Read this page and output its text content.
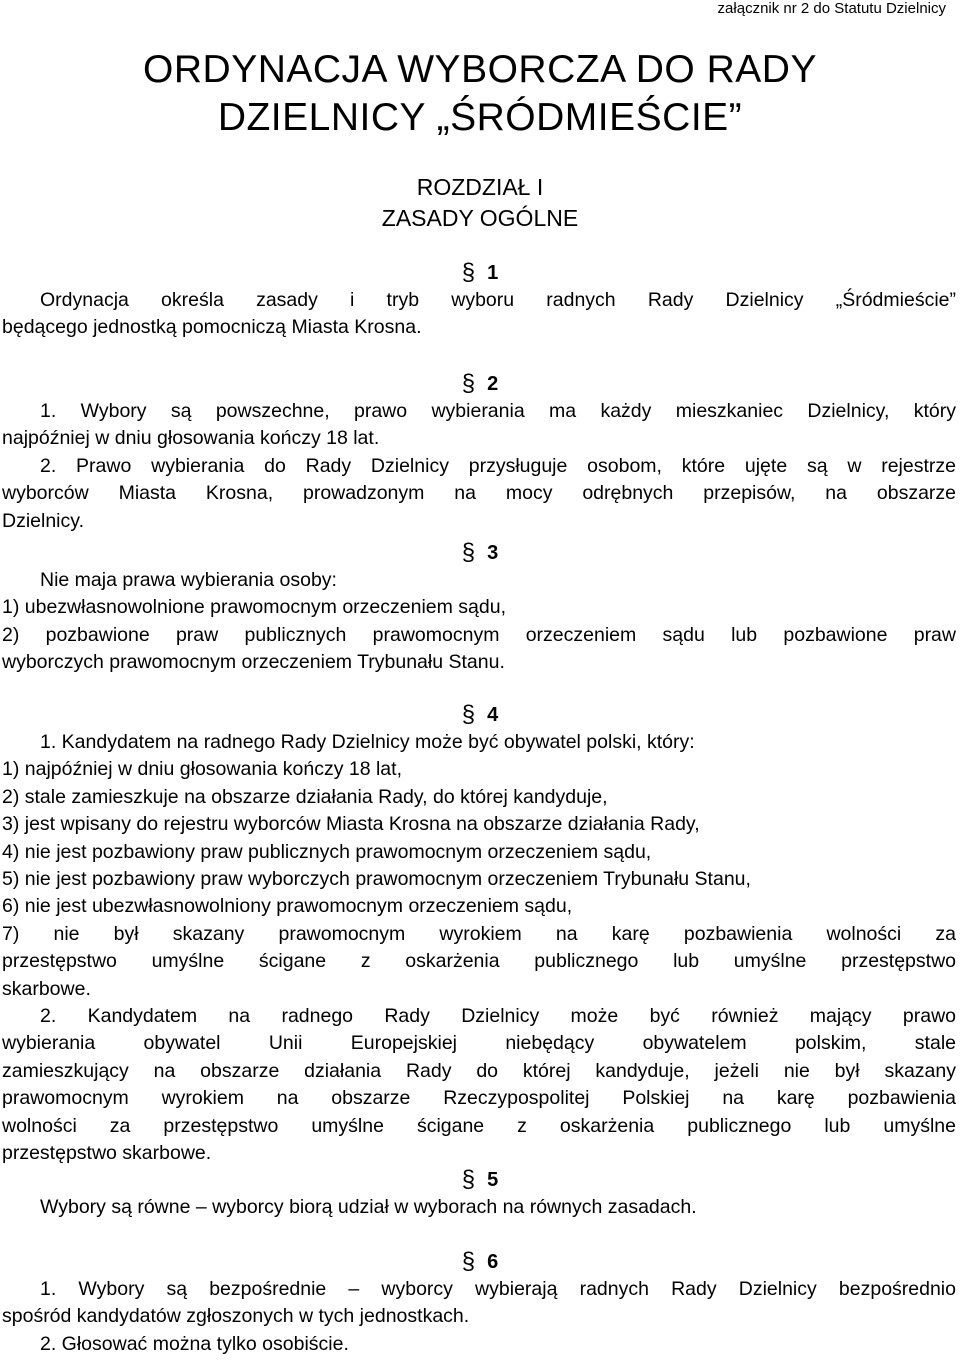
załącznik nr 2 do Statutu Dzielnicy
ORDYNACJA WYBORCZA DO RADY
DZIELNICY „ŚRÓDMIEŚCIE”
ROZDZIAŁ I
ZASADY OGÓLNE
§ 1

Ordynacja określa zasady i tryb wyboru radnych Rady Dzielnicy „Śródmieście”

będącego jednostką pomocniczą Miasta Krosna.

§ 2

1. Wybory są powszechne, prawo wybierania ma każdy mieszkaniec Dzielnicy, który

najpóźniej w dniu głosowania kończy 18 lat.

2. Prawo wybierania do Rady Dzielnicy przysługuje osobom, które ujęte są w rejestrze

wyborców Miasta Krosna, prowadzonym na mocy odrębnych przepisów, na obszarze

Dzielnicy.

§ 3

Nie maja prawa wybierania osoby:

1) ubezwłasnowolnione prawomocnym orzeczeniem sądu,

2) pozbawione praw publicznych prawomocnym orzeczeniem sądu lub pozbawione praw

wyborczych prawomocnym orzeczeniem Trybunału Stanu.

§ 4

1. Kandydatem na radnego Rady Dzielnicy może być obywatel polski, który:

1) najpóźniej w dniu głosowania kończy 18 lat,

2) stale zamieszkuje na obszarze działania Rady, do której kandyduje,

3) jest wpisany do rejestru wyborców Miasta Krosna na obszarze działania Rady,

4) nie jest pozbawiony praw publicznych prawomocnym orzeczeniem sądu,

5) nie jest pozbawiony praw wyborczych prawomocnym orzeczeniem Trybunału Stanu,

6) nie jest ubezwłasnowolniony prawomocnym orzeczeniem sądu,

7) nie był skazany prawomocnym wyrokiem na karę pozbawienia wolności za

przestępstwo umyślne ścigane z oskarżenia publicznego lub umyślne przestępstwo

skarbowe.

2. Kandydatem na radnego Rady Dzielnicy może być również mający prawo

wybierania obywatel Unii Europejskiej niebędący obywatelem polskim, stale

zamieszkujący na obszarze działania Rady do której kandyduje, jeżeli nie był skazany

prawomocnym wyrokiem na obszarze Rzeczypospolitej Polskiej na karę pozbawienia

wolności za przestępstwo umyślne ścigane z oskarżenia publicznego lub umyślne

przestępstwo skarbowe.

§ 5

Wybory są równe – wyborcy biorą udział w wyborach na równych zasadach.

§ 6

1. Wybory są bezpośrednie – wyborcy wybierają radnych Rady Dzielnicy bezpośrednio

spośród kandydatów zgłoszonych w tych jednostkach.

2. Głosować można tylko osobiście.
